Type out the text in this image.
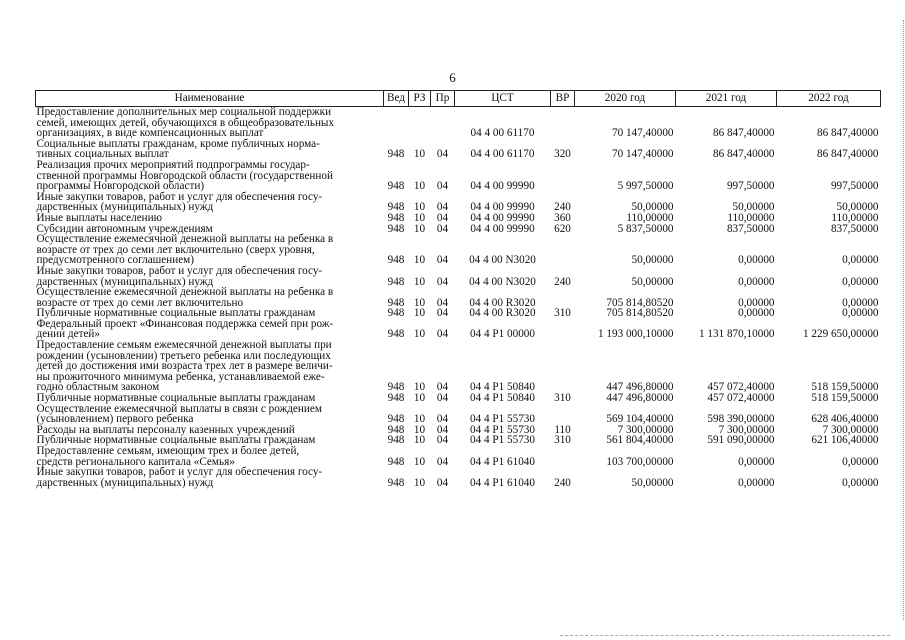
6
Наименование	Вед	РЗ	Пр	ЦСТ	ВР	2020 год	2021 год	2022 год

Предоставление дополнительных мер социальной поддержки
семей, имеющих детей, обучающихся в общеобразовательных
организациях, в виде компенсационных выплат				04 4 00 61170		70 147,40000	86 847,40000	86 847,40000

Социальные выплаты гражданам, кроме публичных норма-
тивных социальных выплат	948	10	04	04 4 00 61170	320	70 147,40000	86 847,40000	86 847,40000

Реализация прочих мероприятий подпрограммы государ-
ственной программы Новгородской области (государственной
программы Новгородской области)	948	10	04	04 4 00 99990		5 997,50000	997,50000	997,50000

Иные закупки товаров, работ и услуг для обеспечения госу-
дарственных (муниципальных) нужд	948	10	04	04 4 00 99990	240	50,00000	50,00000	50,00000

Иные выплаты населению	948	10	04	04 4 00 99990	360	110,00000	110,00000	110,00000

Субсидии автономным учреждениям	948	10	04	04 4 00 99990	620	5 837,50000	837,50000	837,50000

Осуществление ежемесячной денежной выплаты на ребенка в
возрасте от трех до семи лет включительно (сверх уровня,
предусмотренного соглашением)	948	10	04	04 4 00 N3020		50,00000	0,00000	0,00000

Иные закупки товаров, работ и услуг для обеспечения госу-
дарственных (муниципальных) нужд	948	10	04	04 4 00 N3020	240	50,00000	0,00000	0,00000

Осуществление ежемесячной денежной выплаты на ребенка в
возрасте от трех до семи лет включительно	948	10	04	04 4 00 R3020		705 814,80520	0,00000	0,00000

Публичные нормативные социальные выплаты гражданам	948	10	04	04 4 00 R3020	310	705 814,80520	0,00000	0,00000

Федеральный проект «Финансовая поддержка семей при рож-
дении детей»	948	10	04	04 4 P1 00000		1 193 000,10000	1 131 870,10000	1 229 650,00000

Предоставление семьям ежемесячной денежной выплаты при
рождении (усыновлении) третьего ребенка или последующих
детей до достижения ими возраста трех лет в размере величи-
ны прожиточного минимума ребенка, устанавливаемой еже-
годно областным законом	948	10	04	04 4 P1 50840		447 496,80000	457 072,40000	518 159,50000

Публичные нормативные социальные выплаты гражданам	948	10	04	04 4 P1 50840	310	447 496,80000	457 072,40000	518 159,50000

Осуществление ежемесячной выплаты в связи с рождением
(усыновлением) первого ребенка	948	10	04	04 4 P1 55730		569 104,40000	598 390,00000	628 406,40000

Расходы на выплаты персоналу казенных учреждений	948	10	04	04 4 P1 55730	110	7 300,00000	7 300,00000	7 300,00000

Публичные нормативные социальные выплаты гражданам	948	10	04	04 4 P1 55730	310	561 804,40000	591 090,00000	621 106,40000

Предоставление семьям, имеющим трех и более детей,
средств регионального капитала «Семья»	948	10	04	04 4 P1 61040		103 700,00000	0,00000	0,00000

Иные закупки товаров, работ и услуг для обеспечения госу-
дарственных (муниципальных) нужд	948	10	04	04 4 P1 61040	240	50,00000	0,00000	0,00000
